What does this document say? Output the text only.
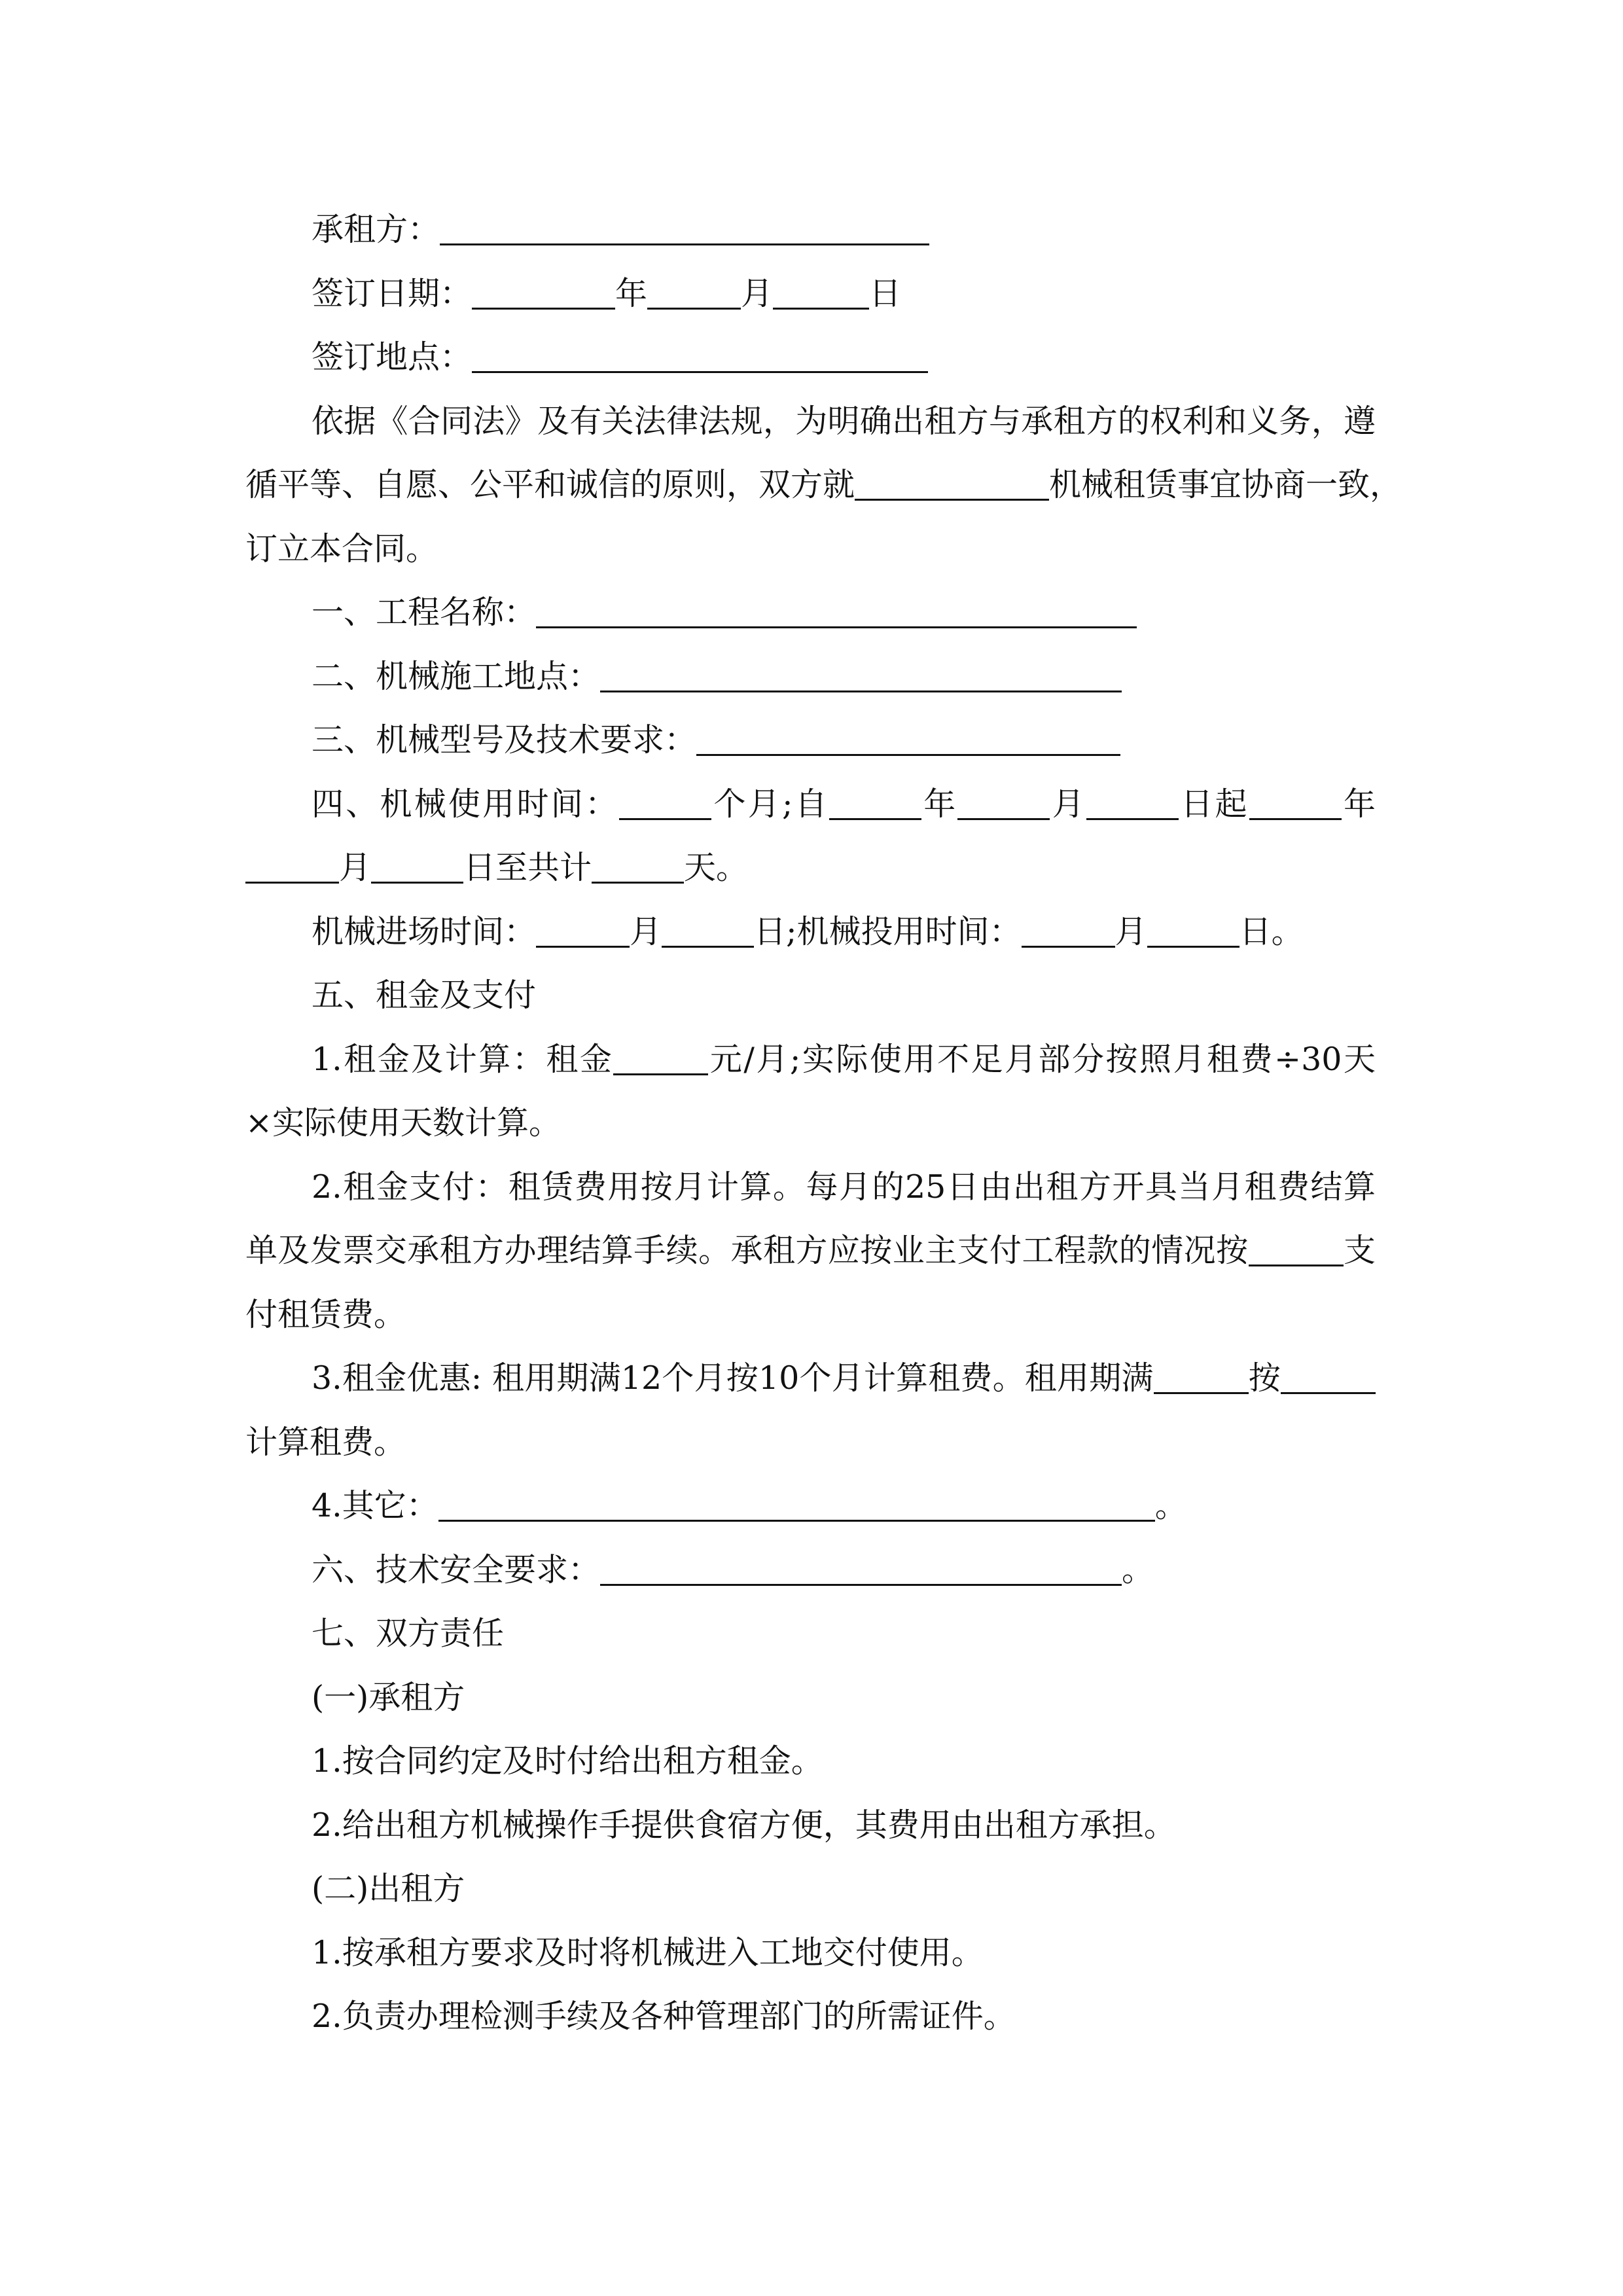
承租方：
签订日期：	年	月	日
签订地点：
依据《合同法》及有关法律法规，为明确出租方与承租方的权利和义务，遵
循平等、自愿、公平和诚信的原则，双方就	机械租赁事宜协商一致，
订立本合同。
一、工程名称：
二、机械施工地点：
三、机械型号及技术要求：
四、机械使用时间：	个月;自	年	月	日起	年
月	日至共计	天。
机械进场时间：	月	日;机械投用时间：	月	日。
五、租金及支付
1.租金及计算：租金	元/月;实际使用不足月部分按照月租费÷30天
×实际使用天数计算。
2.租金支付：租赁费用按月计算。每月的25日由出租方开具当月租费结算
单及发票交承租方办理结算手续。承租方应按业主支付工程款的情况按	支
付租赁费。
3.租金优惠: 租用期满12个月按10个月计算租费。租用期满	按
计算租费。
4.其它：	。
六、技术安全要求：	。
七、双方责任
(一)承租方
1.按合同约定及时付给出租方租金。
2.给出租方机械操作手提供食宿方便，其费用由出租方承担。
(二)出租方
1.按承租方要求及时将机械进入工地交付使用。
2.负责办理检测手续及各种管理部门的所需证件。
